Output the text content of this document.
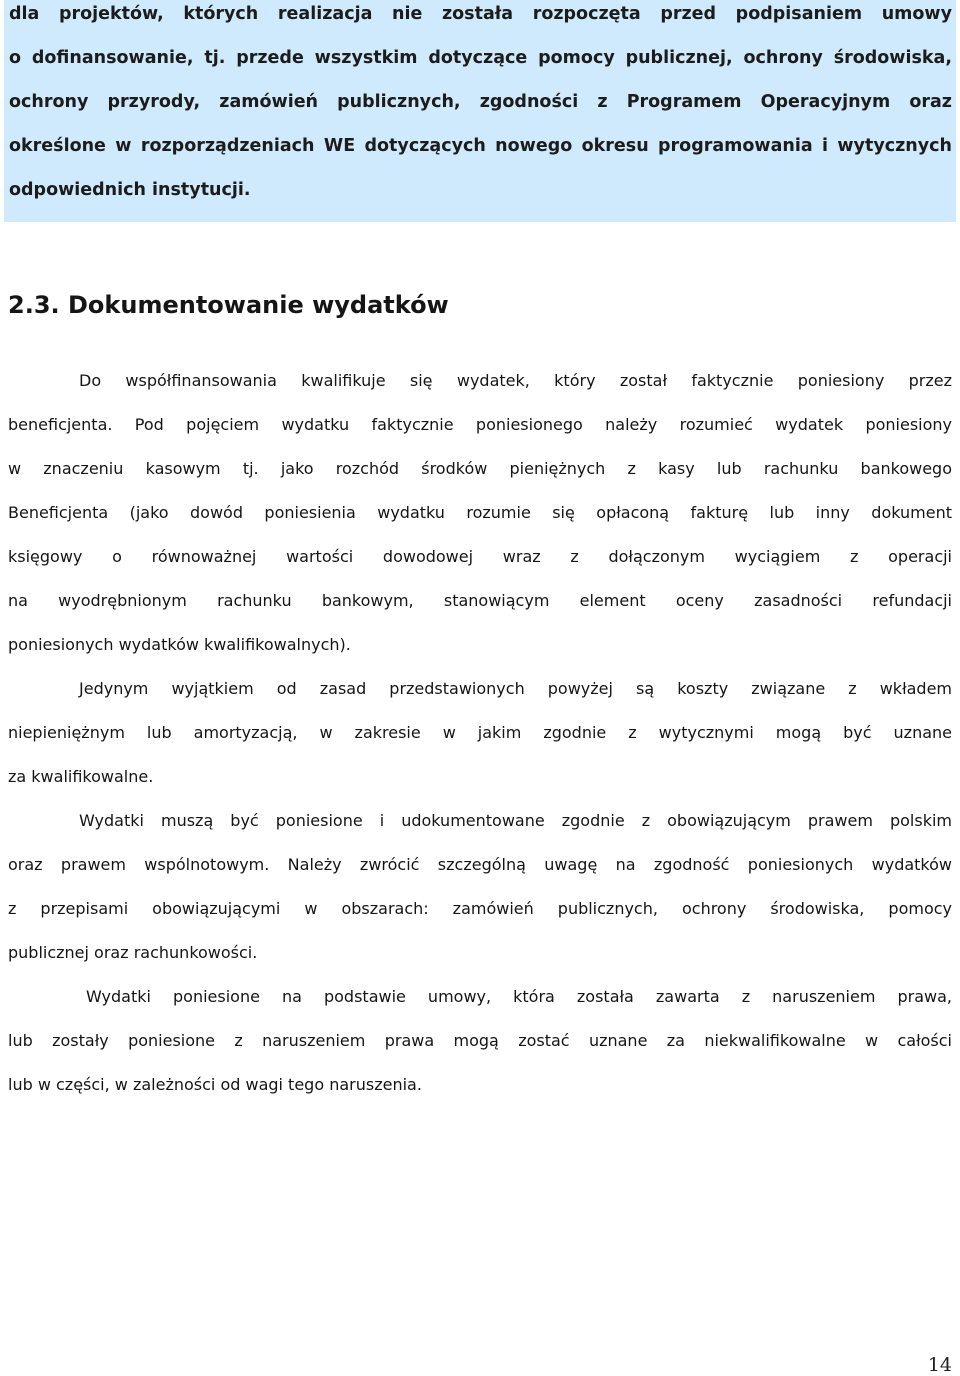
dla projektów, których realizacja nie została rozpoczęta przed podpisaniem umowy
o dofinansowanie, tj. przede wszystkim dotyczące pomocy publicznej, ochrony środowiska,
ochrony przyrody, zamówień publicznych, zgodności z Programem Operacyjnym oraz
określone w rozporządzeniach WE dotyczących nowego okresu programowania i wytycznych
odpowiednich instytucji.
2.3. Dokumentowanie wydatków
Do współfinansowania kwalifikuje się wydatek, który został faktycznie poniesiony przez
beneficjenta. Pod pojęciem wydatku faktycznie poniesionego należy rozumieć wydatek poniesiony
w znaczeniu kasowym tj. jako rozchód środków pieniężnych z kasy lub rachunku bankowego
Beneficjenta (jako dowód poniesienia wydatku rozumie się opłaconą fakturę lub inny dokument
księgowy o równoważnej wartości dowodowej wraz z dołączonym wyciągiem z operacji
na wyodrębnionym rachunku bankowym, stanowiącym element oceny zasadności refundacji
poniesionych wydatków kwalifikowalnych).
Jedynym wyjątkiem od zasad przedstawionych powyżej są koszty związane z wkładem
niepieniężnym lub amortyzacją, w zakresie w jakim zgodnie z wytycznymi mogą być uznane
za kwalifikowalne.
Wydatki muszą być poniesione i udokumentowane zgodnie z obowiązującym prawem polskim
oraz prawem wspólnotowym. Należy zwrócić szczególną uwagę na zgodność poniesionych wydatków
z przepisami obowiązującymi w obszarach: zamówień publicznych, ochrony środowiska, pomocy
publicznej oraz rachunkowości.
Wydatki poniesione na podstawie umowy, która została zawarta z naruszeniem prawa,
lub zostały poniesione z naruszeniem prawa mogą zostać uznane za niekwalifikowalne w całości
lub w części, w zależności od wagi tego naruszenia.
14
